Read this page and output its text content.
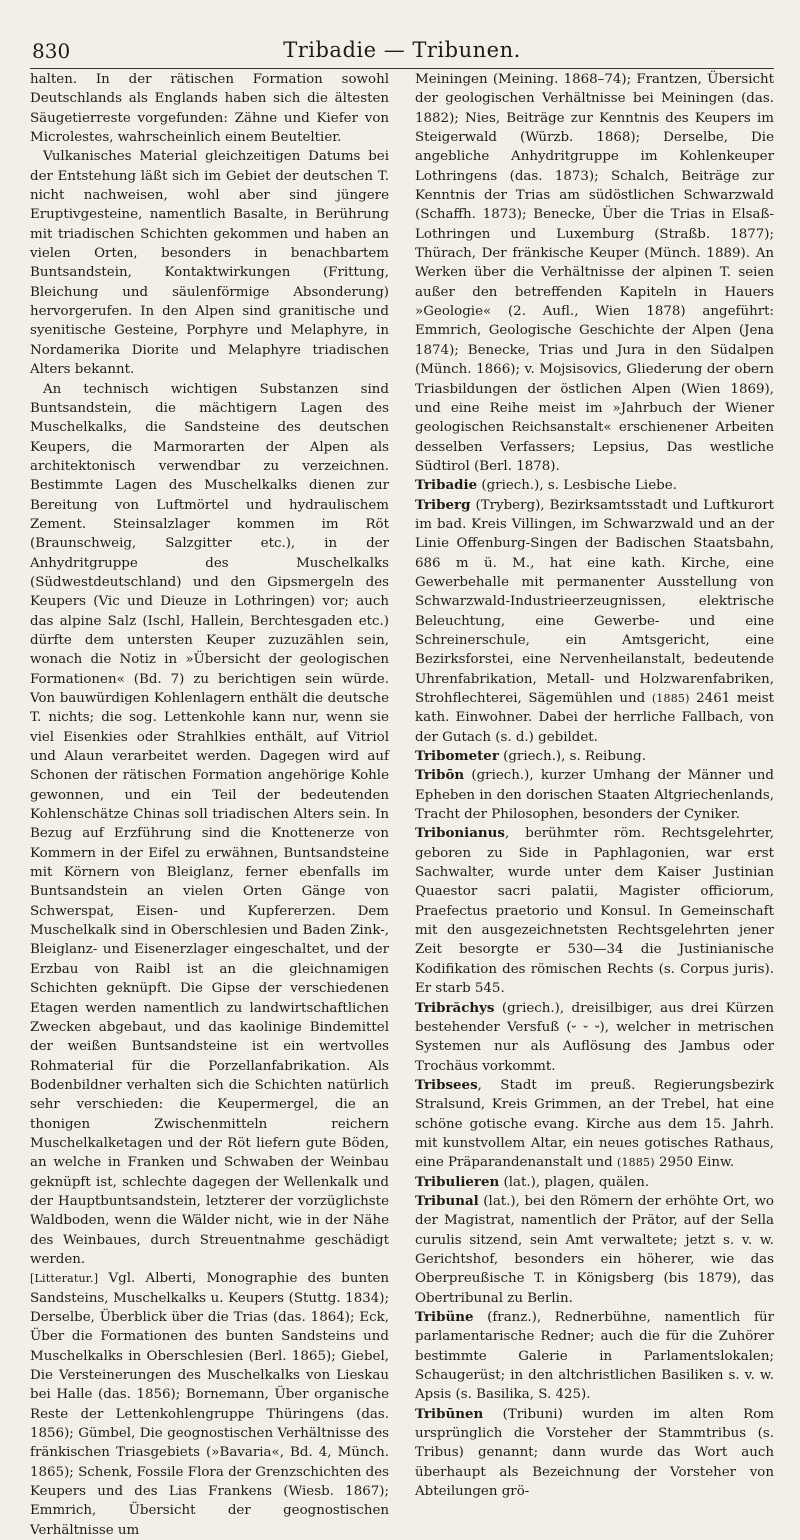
830	Tribadie — Tribunen.

halten. In der rätischen Formation sowohl Deutschlands als Englands haben sich die ältesten Säugetierreste vorgefunden: Zähne und Kiefer von Microlestes, wahrscheinlich einem Beuteltier.

Vulkanisches Material gleichzeitigen Datums bei der Entstehung läßt sich im Gebiet der deutschen T. nicht nachweisen, wohl aber sind jüngere Eruptivgesteine, namentlich Basalte, in Berührung mit triadischen Schichten gekommen und haben an vielen Orten, besonders in benachbartem Buntsandstein, Kontaktwirkungen (Frittung, Bleichung und säulenförmige Absonderung) hervorgerufen. In den Alpen sind granitische und syenitische Gesteine, Porphyre und Melaphyre, in Nordamerika Diorite und Melaphyre triadischen Alters bekannt.

An technisch wichtigen Substanzen sind Buntsandstein, die mächtigern Lagen des Muschelkalks, die Sandsteine des deutschen Keupers, die Marmorarten der Alpen als architektonisch verwendbar zu verzeichnen. Bestimmte Lagen des Muschelkalks dienen zur Bereitung von Luftmörtel und hydraulischem Zement. Steinsalzlager kommen im Röt (Braunschweig, Salzgitter etc.), in der Anhydritgruppe des Muschelkalks (Südwestdeutschland) und den Gipsmergeln des Keupers (Vic und Dieuze in Lothringen) vor; auch das alpine Salz (Ischl, Hallein, Berchtesgaden etc.) dürfte dem untersten Keuper zuzuzählen sein, wonach die Notiz in »Übersicht der geologischen Formationen« (Bd. 7) zu berichtigen sein würde. Von bauwürdigen Kohlenlagern enthält die deutsche T. nichts; die sog. Lettenkohle kann nur, wenn sie viel Eisenkies oder Strahlkies enthält, auf Vitriol und Alaun verarbeitet werden. Dagegen wird auf Schonen der rätischen Formation angehörige Kohle gewonnen, und ein Teil der bedeutenden Kohlenschätze Chinas soll triadischen Alters sein. In Bezug auf Erzführung sind die Knottenerze von Kommern in der Eifel zu erwähnen, Buntsandsteine mit Körnern von Bleiglanz, ferner ebenfalls im Buntsandstein an vielen Orten Gänge von Schwerspat, Eisen- und Kupfererzen. Dem Muschelkalk sind in Oberschlesien und Baden Zink-, Bleiglanz- und Eisenerzlager eingeschaltet, und der Erzbau von Raibl ist an die gleichnamigen Schichten geknüpft. Die Gipse der verschiedenen Etagen werden namentlich zu landwirtschaftlichen Zwecken abgebaut, und das kaolinige Bindemittel der weißen Buntsandsteine ist ein wertvolles Rohmaterial für die Porzellanfabrikation. Als Bodenbildner verhalten sich die Schichten natürlich sehr verschieden: die Keupermergel, die an thonigen Zwischenmitteln reichern Muschelkalketagen und der Röt liefern gute Böden, an welche in Franken und Schwaben der Weinbau geknüpft ist, schlechte dagegen der Wellenkalk und der Hauptbuntsandstein, letzterer der vorzüglichste Waldboden, wenn die Wälder nicht, wie in der Nähe des Weinbaues, durch Streuentnahme geschädigt werden.

[Litteratur.] Vgl. Alberti, Monographie des bunten Sandsteins, Muschelkalks u. Keupers (Stuttg. 1834); Derselbe, Überblick über die Trias (das. 1864); Eck, Über die Formationen des bunten Sandsteins und Muschelkalks in Oberschlesien (Berl. 1865); Giebel, Die Versteinerungen des Muschelkalks von Lieskau bei Halle (das. 1856); Bornemann, Über organische Reste der Lettenkohlengruppe Thüringens (das. 1856); Gümbel, Die geognostischen Verhältnisse des fränkischen Triasgebiets (»Bavaria«, Bd. 4, Münch. 1865); Schenk, Fossile Flora der Grenzschichten des Keupers und des Lias Frankens (Wiesb. 1867); Emmrich, Übersicht der geognostischen Verhältnisse um

Meiningen (Meining. 1868–74); Frantzen, Übersicht der geologischen Verhältnisse bei Meiningen (das. 1882); Nies, Beiträge zur Kenntnis des Keupers im Steigerwald (Würzb. 1868); Derselbe, Die angebliche Anhydritgruppe im Kohlenkeuper Lothringens (das. 1873); Schalch, Beiträge zur Kenntnis der Trias am südöstlichen Schwarzwald (Schaffh. 1873); Benecke, Über die Trias in Elsaß-Lothringen und Luxemburg (Straßb. 1877); Thürach, Der fränkische Keuper (Münch. 1889). An Werken über die Verhältnisse der alpinen T. seien außer den betreffenden Kapiteln in Hauers »Geologie« (2. Aufl., Wien 1878) angeführt: Emmrich, Geologische Geschichte der Alpen (Jena 1874); Benecke, Trias und Jura in den Südalpen (Münch. 1866); v. Mojsisovics, Gliederung der obern Triasbildungen der östlichen Alpen (Wien 1869), und eine Reihe meist im »Jahrbuch der Wiener geologischen Reichsanstalt« erschienener Arbeiten desselben Verfassers; Lepsius, Das westliche Südtirol (Berl. 1878).

Tribadie (griech.), s. Lesbische Liebe.

Triberg (Tryberg), Bezirksamtsstadt und Luftkurort im bad. Kreis Villingen, im Schwarzwald und an der Linie Offenburg-Singen der Badischen Staatsbahn, 686 m ü. M., hat eine kath. Kirche, eine Gewerbehalle mit permanenter Ausstellung von Schwarzwald-Industrieerzeugnissen, elektrische Beleuchtung, eine Gewerbe- und eine Schreinerschule, ein Amtsgericht, eine Bezirksforstei, eine Nervenheilanstalt, bedeutende Uhrenfabrikation, Metall- und Holzwarenfabriken, Strohflechterei, Sägemühlen und (1885) 2461 meist kath. Einwohner. Dabei der herrliche Fallbach, von der Gutach (s. d.) gebildet.

Tribometer (griech.), s. Reibung.

Tribōn (griech.), kurzer Umhang der Männer und Epheben in den dorischen Staaten Altgriechenlands, Tracht der Philosophen, besonders der Cyniker.

Tribonianus, berühmter röm. Rechtsgelehrter, geboren zu Side in Paphlagonien, war erst Sachwalter, wurde unter dem Kaiser Justinian Quaestor sacri palatii, Magister officiorum, Praefectus praetorio und Konsul. In Gemeinschaft mit den ausgezeichnetsten Rechtsgelehrten jener Zeit besorgte er 530—34 die Justinianische Kodifikation des römischen Rechts (s. Corpus juris). Er starb 545.

Tribrăchys (griech.), dreisilbiger, aus drei Kürzen bestehender Versfuß (⏑ ⏑ ⏑), welcher in metrischen Systemen nur als Auflösung des Jambus oder Trochäus vorkommt.

Tribsees, Stadt im preuß. Regierungsbezirk Stralsund, Kreis Grimmen, an der Trebel, hat eine schöne gotische evang. Kirche aus dem 15. Jahrh. mit kunstvollem Altar, ein neues gotisches Rathaus, eine Präparandenanstalt und (1885) 2950 Einw.

Tribulieren (lat.), plagen, quälen.

Tribunal (lat.), bei den Römern der erhöhte Ort, wo der Magistrat, namentlich der Prätor, auf der Sella curulis sitzend, sein Amt verwaltete; jetzt s. v. w. Gerichtshof, besonders ein höherer, wie das Oberpreußische T. in Königsberg (bis 1879), das Obertribunal zu Berlin.

Tribüne (franz.), Rednerbühne, namentlich für parlamentarische Redner; auch die für die Zuhörer bestimmte Galerie in Parlamentslokalen; Schaugerüst; in den altchristlichen Basiliken s. v. w. Apsis (s. Basilika, S. 425).

Tribūnen (Tribuni) wurden im alten Rom ursprünglich die Vorsteher der Stammtribus (s. Tribus) genannt; dann wurde das Wort auch überhaupt als Bezeichnung der Vorsteher von Abteilungen grö-
